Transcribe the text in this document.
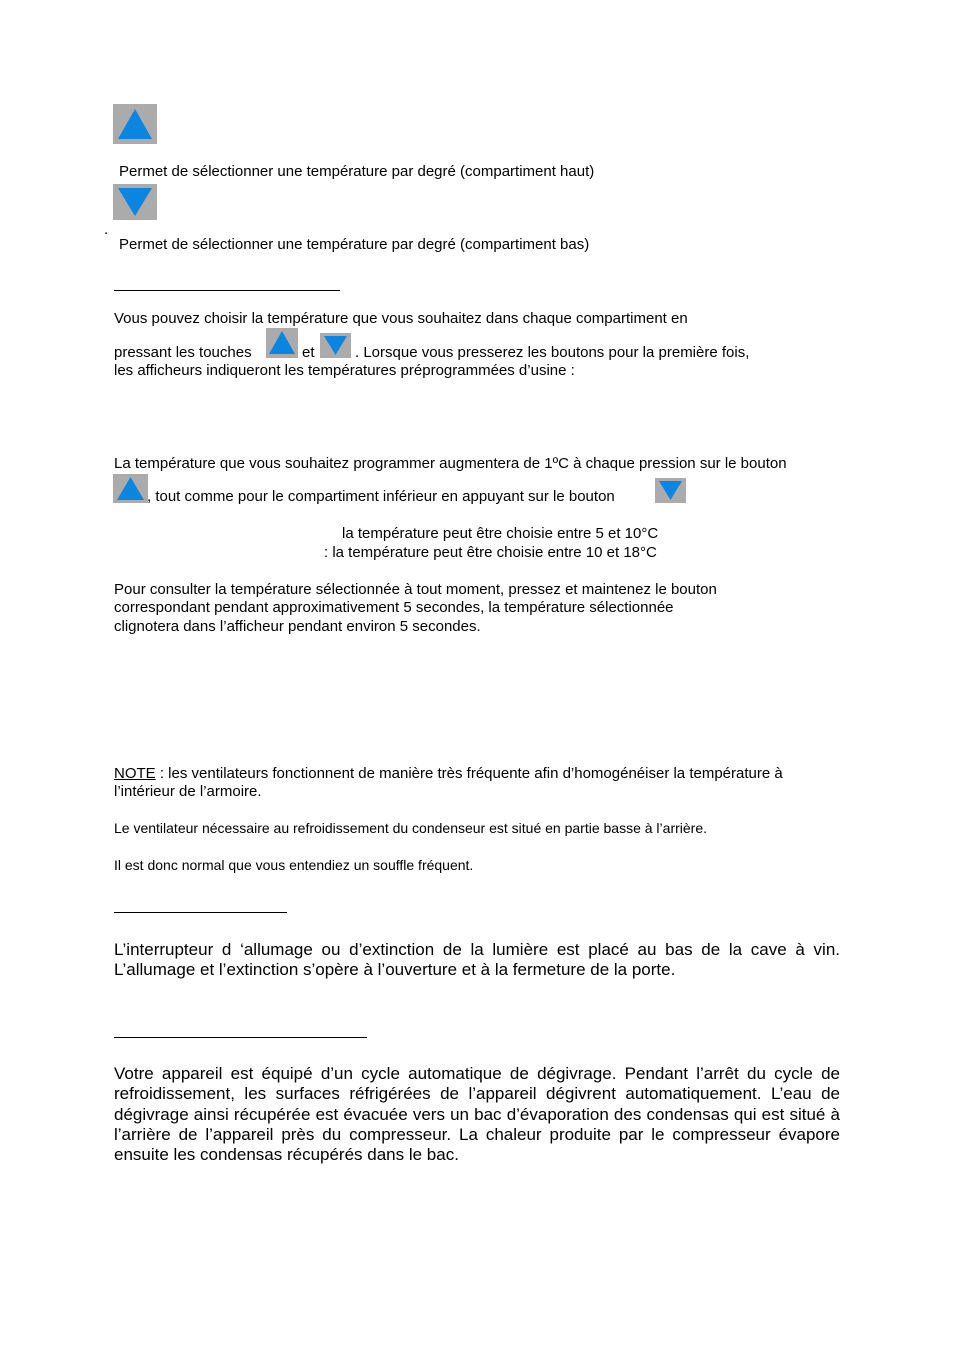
Permet de sélectionner une température par degré (compartiment haut)
.
Permet de sélectionner une température par degré (compartiment bas)
Vous pouvez choisir la température que vous souhaitez dans chaque compartiment en
pressant les touches	et	. Lorsque vous presserez les boutons pour la première fois,
les afficheurs indiqueront les températures préprogrammées d’usine :
La température que vous souhaitez programmer augmentera de 1ºC à chaque pression sur le bouton
, tout comme pour le compartiment inférieur en appuyant sur le bouton
la température peut être choisie entre 5 et 10°C
: la température peut être choisie entre 10 et 18°C
Pour consulter la température sélectionnée à tout moment, pressez et maintenez le bouton
correspondant pendant approximativement 5 secondes, la température sélectionnée
clignotera dans l’afficheur pendant environ 5 secondes.
NOTE : les ventilateurs fonctionnent de manière très fréquente afin d’homogénéiser la température à
l’intérieur de l’armoire.
Le ventilateur nécessaire au refroidissement du condenseur est situé en partie basse à l’arrière.
Il est donc normal que vous entendiez un souffle fréquent.
L’interrupteur d ‘allumage ou d’extinction de la lumière est placé au bas de la cave à vin. L’allumage et l’extinction s’opère à l’ouverture et à la fermeture de la porte.
Votre appareil est équipé d’un cycle automatique de dégivrage. Pendant l’arrêt du cycle de refroidissement, les surfaces réfrigérées de l’appareil dégivrent automatiquement. L’eau de dégivrage ainsi récupérée est évacuée vers un bac d’évaporation des condensas qui est situé à l’arrière de l’appareil près du compresseur. La chaleur produite par le compresseur évapore ensuite les condensas récupérés dans le bac.
